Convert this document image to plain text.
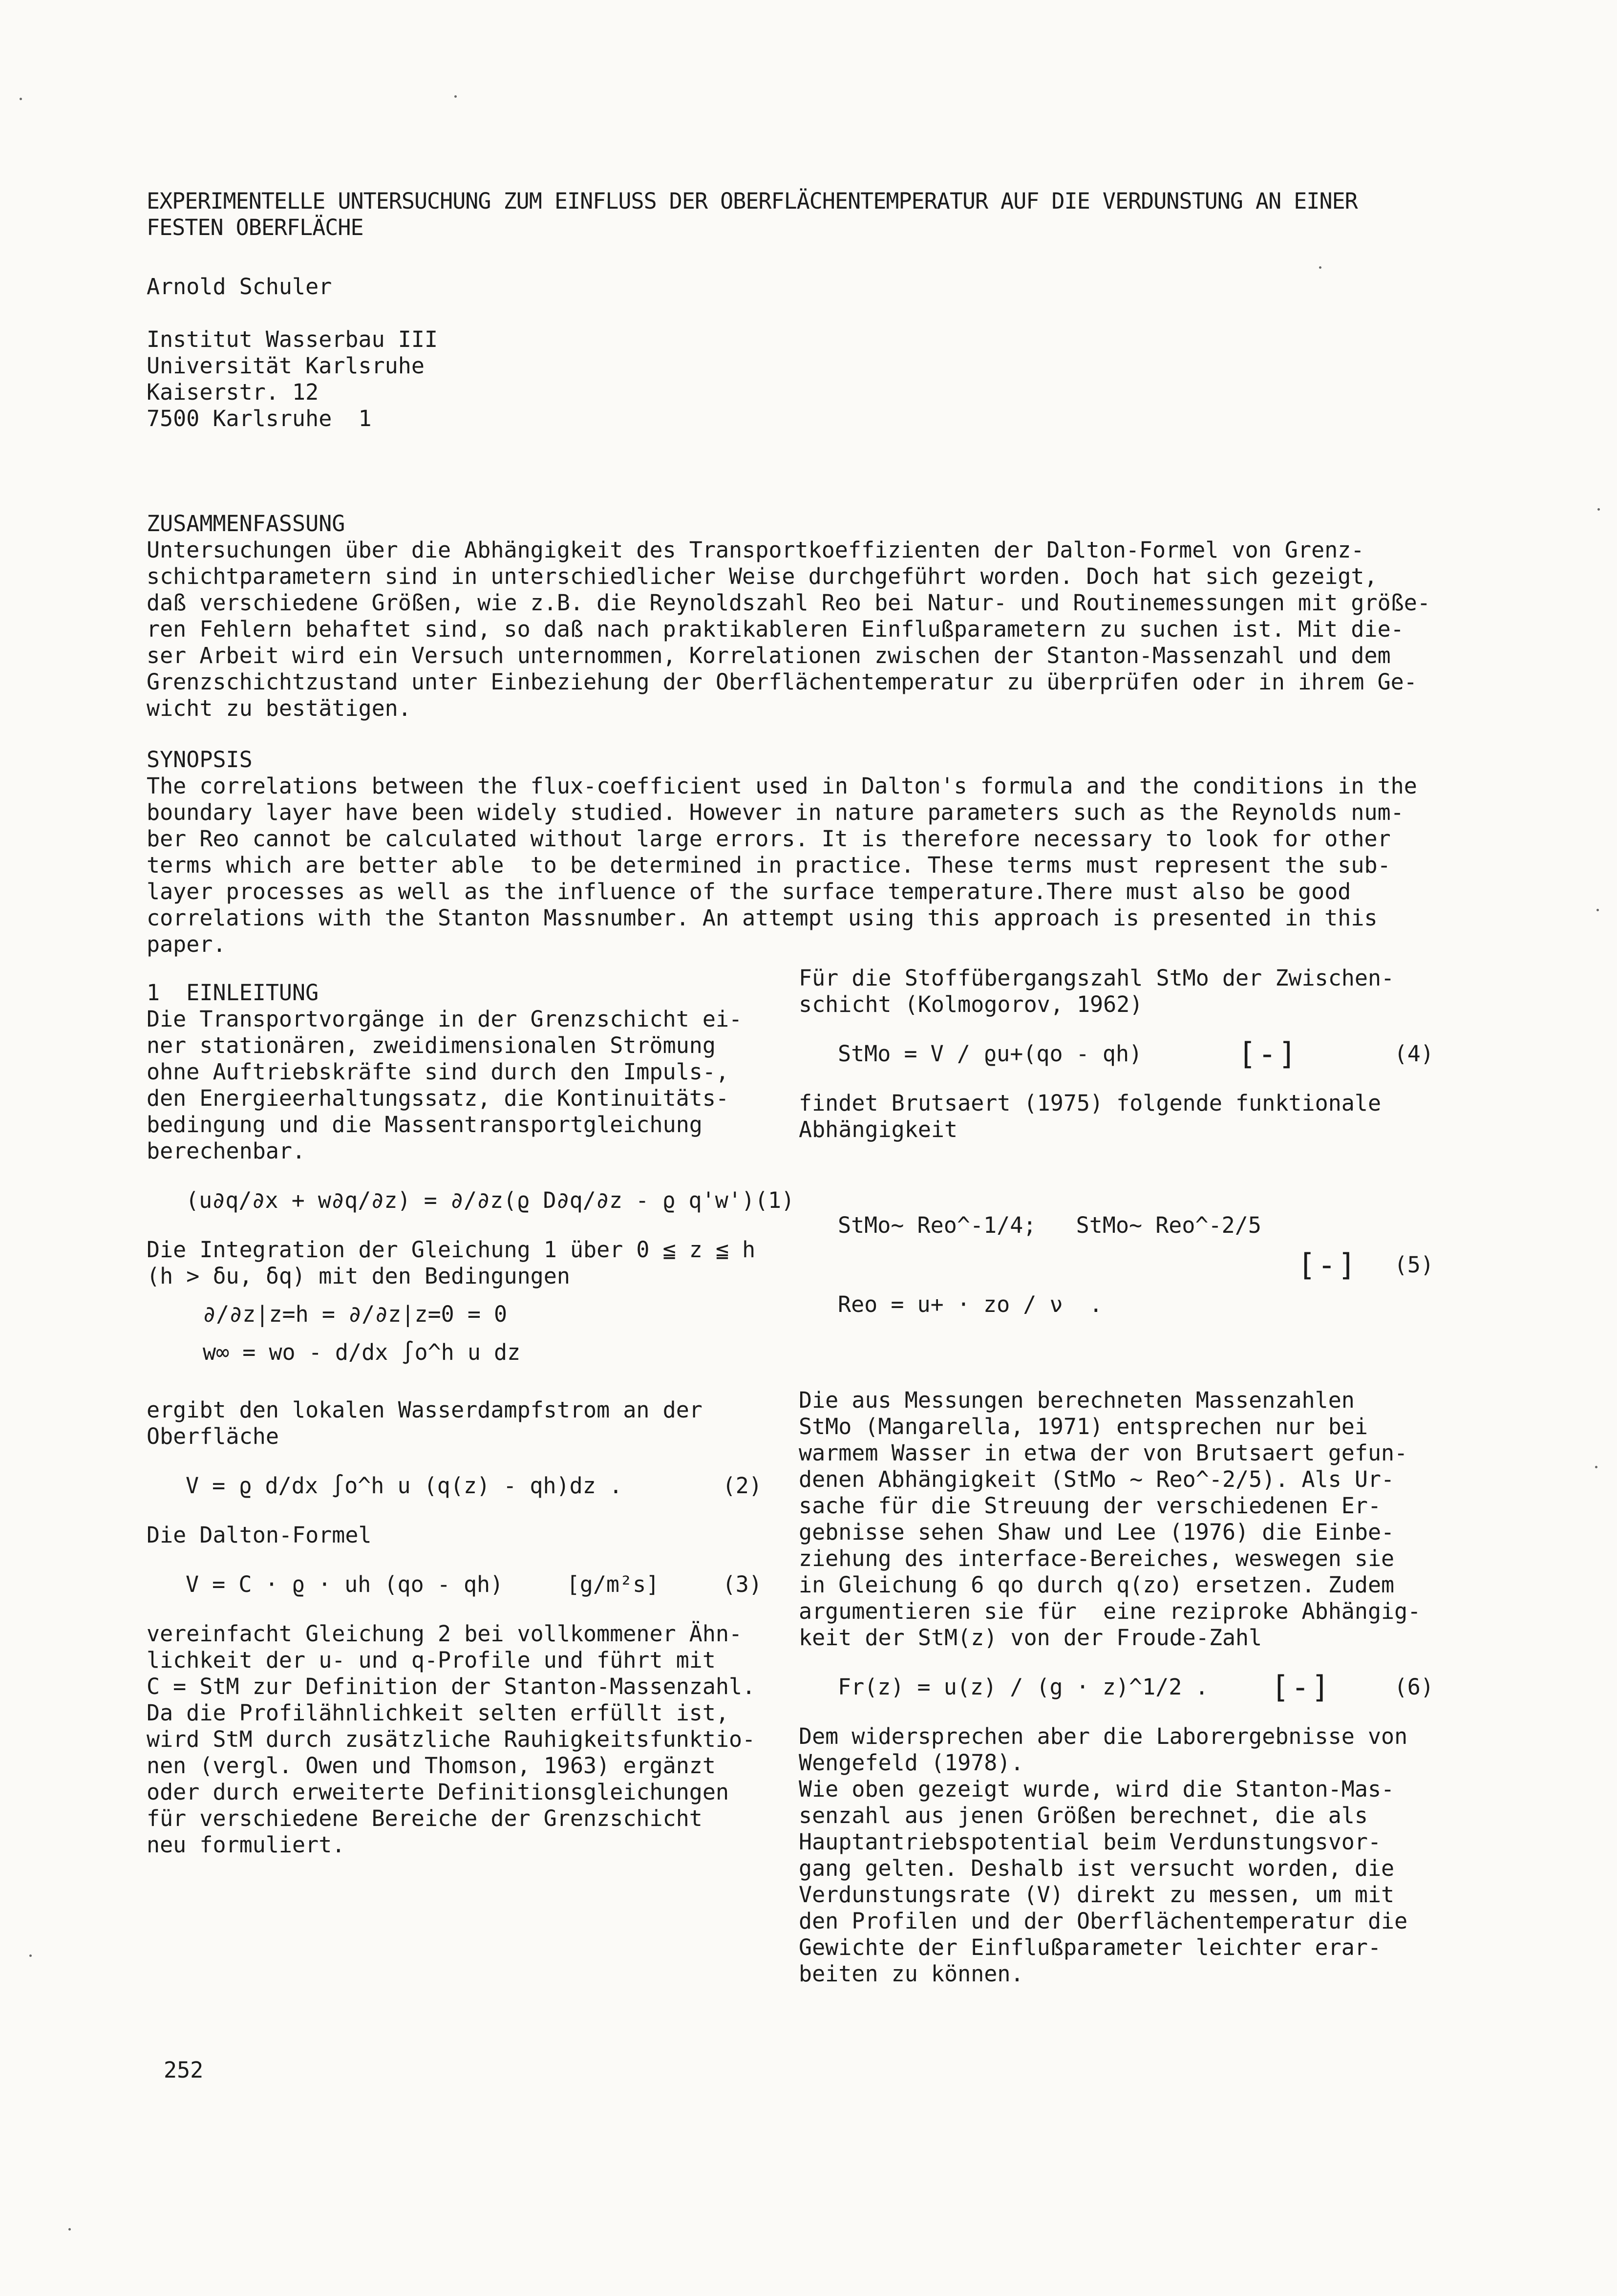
EXPERIMENTELLE UNTERSUCHUNG ZUM EINFLUSS DER OBERFLÄCHENTEMPERATUR AUF DIE VERDUNSTUNG AN EINER
FESTEN OBERFLÄCHE
Arnold Schuler
Institut Wasserbau III
Universität Karlsruhe
Kaiserstr. 12
7500 Karlsruhe  1
ZUSAMMENFASSUNG
Untersuchungen über die Abhängigkeit des Transportkoeffizienten der Dalton-Formel von Grenz-
schichtparametern sind in unterschiedlicher Weise durchgeführt worden. Doch hat sich gezeigt,
daß verschiedene Größen, wie z.B. die Reynoldszahl Reo bei Natur- und Routinemessungen mit größe-
ren Fehlern behaftet sind, so daß nach praktikableren Einflußparametern zu suchen ist. Mit die-
ser Arbeit wird ein Versuch unternommen, Korrelationen zwischen der Stanton-Massenzahl und dem
Grenzschichtzustand unter Einbeziehung der Oberflächentemperatur zu überprüfen oder in ihrem Ge-
wicht zu bestätigen.
SYNOPSIS
The correlations between the flux-coefficient used in Dalton's formula and the conditions in the
boundary layer have been widely studied. However in nature parameters such as the Reynolds num-
ber Reo cannot be calculated without large errors. It is therefore necessary to look for other
terms which are better able  to be determined in practice. These terms must represent the sub-
layer processes as well as the influence of the surface temperature.There must also be good
correlations with the Stanton Massnumber. An attempt using this approach is presented in this
paper.
1  EINLEITUNG
Die Transportvorgänge in der Grenzschicht ei-
ner stationären, zweidimensionalen Strömung
ohne Auftriebskräfte sind durch den Impuls-,
den Energieerhaltungssatz, die Kontinuitäts-
bedingung und die Massentransportgleichung
berechenbar.
(u∂q/∂x + w∂q/∂z) = ∂/∂z(ϱ D∂q/∂z - ϱ q'w') (1)
Die Integration der Gleichung 1 über 0 ≦ z ≦ h
(h > δu, δq) mit den Bedingungen
∂/∂z|z=h = ∂/∂z|z=0 = 0
w∞ = wo - d/dx ∫o^h u dz
ergibt den lokalen Wasserdampfstrom an der
Oberfläche
V = ϱ d/dx ∫o^h u (q(z) - qh)dz .	(2)
Die Dalton-Formel
V = C · ϱ · uh (qo - qh)	[g/m²s]	(3)
vereinfacht Gleichung 2 bei vollkommener Ähn-
lichkeit der u- und q-Profile und führt mit
C = StM zur Definition der Stanton-Massenzahl.
Da die Profilähnlichkeit selten erfüllt ist,
wird StM durch zusätzliche Rauhigkeitsfunktio-
nen (vergl. Owen und Thomson, 1963) ergänzt
oder durch erweiterte Definitionsgleichungen
für verschiedene Bereiche der Grenzschicht
neu formuliert.
Für die Stoffübergangszahl StMo der Zwischen-
schicht (Kolmogorov, 1962)
StMo = V / ϱu+(qo - qh)	[-]	(4)
findet Brutsaert (1975) folgende funktionale
Abhängigkeit

StMo~ Reo^-1/4;   StMo~ Reo^-2/5

Reo = u+ · zo / ν  .

[-] (5)
Die aus Messungen berechneten Massenzahlen
StMo (Mangarella, 1971) entsprechen nur bei
warmem Wasser in etwa der von Brutsaert gefun-
denen Abhängigkeit (StMo ~ Reo^-2/5). Als Ur-
sache für die Streuung der verschiedenen Er-
gebnisse sehen Shaw und Lee (1976) die Einbe-
ziehung des interface-Bereiches, weswegen sie
in Gleichung 6 qo durch q(zo) ersetzen. Zudem
argumentieren sie für  eine reziproke Abhängig-
keit der StM(z) von der Froude-Zahl
Fr(z) = u(z) / (g · z)^1/2 . [-]	(6)
Dem widersprechen aber die Laborergebnisse von
Wengefeld (1978).
Wie oben gezeigt wurde, wird die Stanton-Mas-
senzahl aus jenen Größen berechnet, die als
Hauptantriebspotential beim Verdunstungsvor-
gang gelten. Deshalb ist versucht worden, die
Verdunstungsrate (V) direkt zu messen, um mit
den Profilen und der Oberflächentemperatur die
Gewichte der Einflußparameter leichter erar-
beiten zu können.
252
